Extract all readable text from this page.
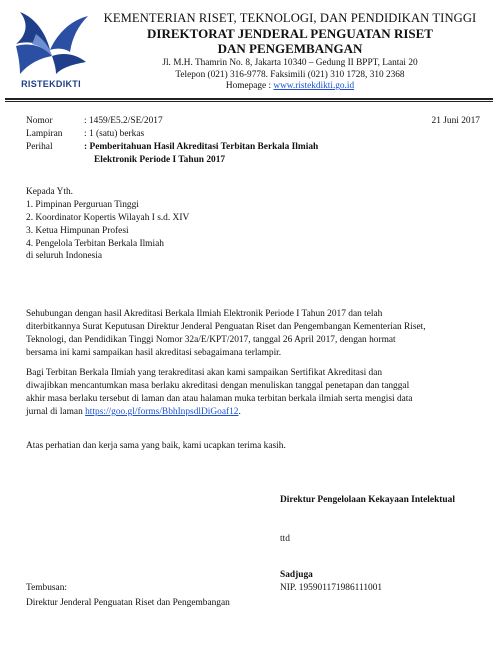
RISTEKDIKTI
KEMENTERIAN RISET, TEKNOLOGI, DAN PENDIDIKAN TINGGI
DIREKTORAT JENDERAL PENGUATAN RISET
DAN PENGEMBANGAN
Jl. M.H. Thamrin No. 8, Jakarta 10340 – Gedung II BPPT, Lantai 20
Telepon (021) 316-9778. Faksimili (021) 310 1728, 310 2368
Homepage : www.ristekdikti.go.id
Nomor	: 1459/E5.2/SE/2017	21 Juni 2017
Lampiran : 1 (satu) berkas
Perihal	: Pemberitahuan Hasil Akreditasi Terbitan Berkala Ilmiah
Elektronik Periode I Tahun 2017
Kepada Yth.
1. Pimpinan Perguruan Tinggi
2. Koordinator Kopertis Wilayah I s.d. XIV
3. Ketua Himpunan Profesi
4. Pengelola Terbitan Berkala Ilmiah
di seluruh Indonesia
Sehubungan dengan hasil Akreditasi Berkala Ilmiah Elektronik Periode I Tahun 2017 dan telah
diterbitkannya Surat Keputusan Direktur Jenderal Penguatan Riset dan Pengembangan Kementerian Riset,
Teknologi, dan Pendidikan Tinggi Nomor 32a/E/KPT/2017, tanggal 26 April 2017, dengan hormat
bersama ini kami sampaikan hasil akreditasi sebagaimana terlampir.
Bagi Terbitan Berkala Ilmiah yang terakreditasi akan kami sampaikan Sertifikat Akreditasi dan
diwajibkan mencantumkan masa berlaku akreditasi dengan menuliskan tanggal penetapan dan tanggal
akhir masa berlaku tersebut di laman dan atau halaman muka terbitan berkala ilmiah serta mengisi data
jurnal di laman https://goo.gl/forms/BbhInpsdlDiGoaf12.
Atas perhatian dan kerja sama yang baik, kami ucapkan terima kasih.
Direktur Pengelolaan Kekayaan Intelektual
ttd
Sadjuga
NIP. 195901171986111001
Tembusan:
Direktur Jenderal Penguatan Riset dan Pengembangan
